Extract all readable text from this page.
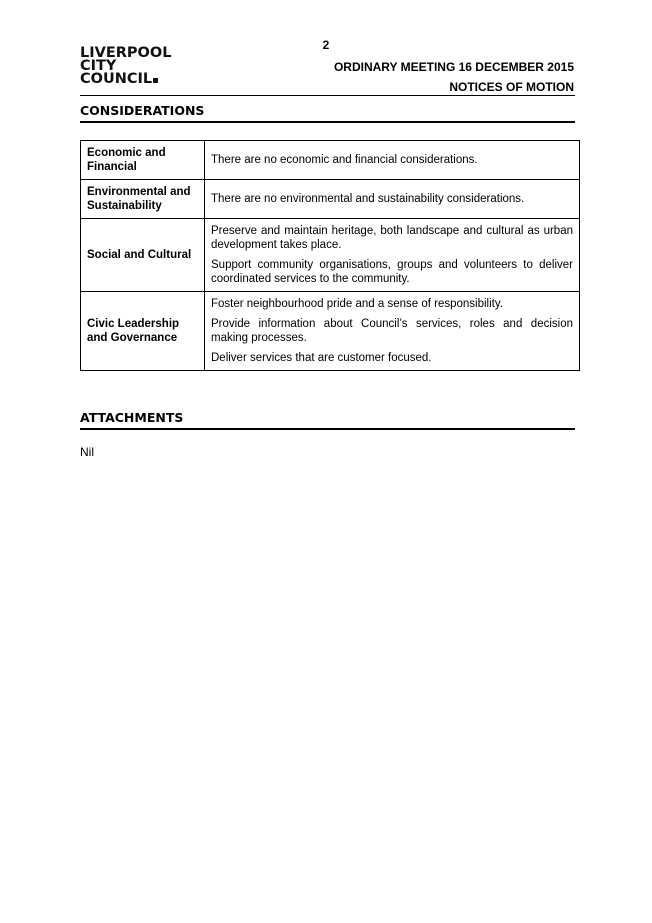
2
LIVERPOOL
CITY
COUNCIL
ORDINARY MEETING 16 DECEMBER 2015
NOTICES OF MOTION
CONSIDERATIONS
Economic and Financial	There are no economic and financial considerations.

Environmental and Sustainability	There are no environmental and sustainability considerations.

Social and Cultural	Preserve and maintain heritage, both landscape and cultural as urban development takes place.

Support community organisations, groups and volunteers to deliver coordinated services to the community.

Civic Leadership and Governance	Foster neighbourhood pride and a sense of responsibility.

Provide information about Council’s services, roles and decision making processes.

Deliver services that are customer focused.

ATTACHMENTS
Nil
